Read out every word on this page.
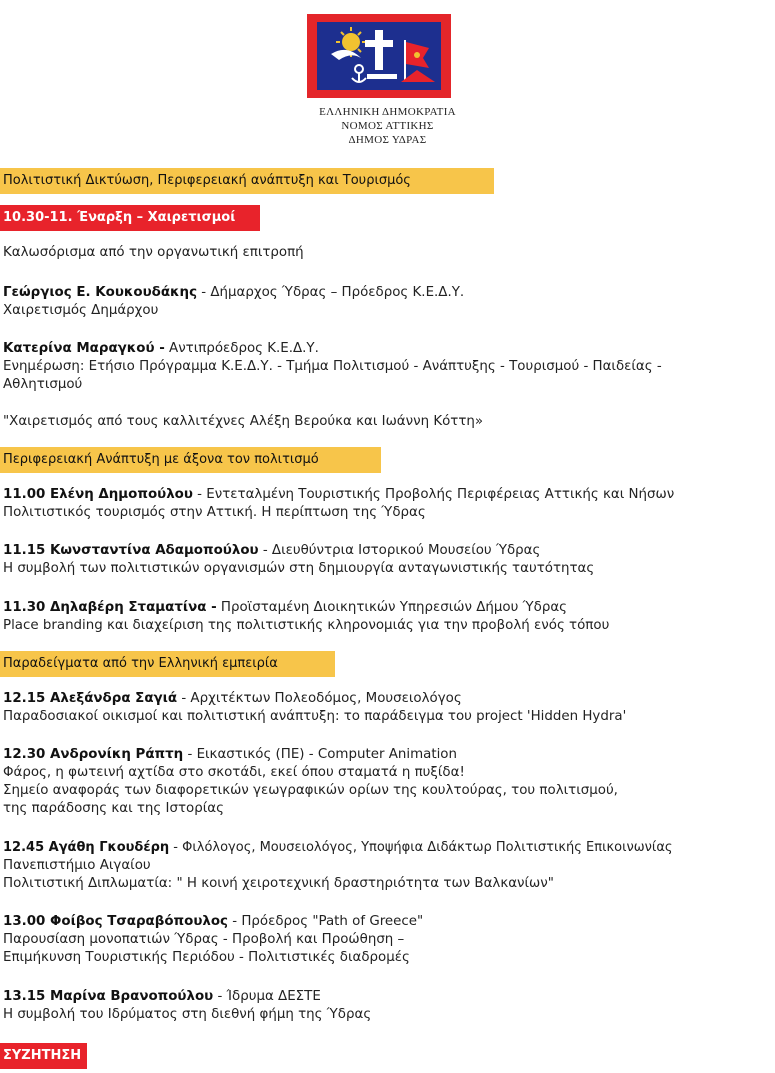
ΕΛΛΗΝΙΚΗ ΔΗΜΟΚΡΑΤΙΑ
ΝΟΜΟΣ ΑΤΤΙΚΗΣ
ΔΗΜΟΣ ΥΔΡΑΣ
Πολιτιστική Δικτύωση, Περιφερειακή ανάπτυξη και Τουρισμός
10.30-11. Έναρξη – Χαιρετισμοί
Καλωσόρισμα από την οργανωτική επιτροπή
Γεώργιος Ε. Κουκουδάκης - Δήμαρχος Ύδρας – Πρόεδρος Κ.Ε.Δ.Υ.
Χαιρετισμός Δημάρχου
Κατερίνα Μαραγκού - Αντιπρόεδρος Κ.Ε.Δ.Υ.
Ενημέρωση: Ετήσιο Πρόγραμμα Κ.Ε.Δ.Υ. - Τμήμα Πολιτισμού - Ανάπτυξης - Τουρισμού - Παιδείας -
Αθλητισμού
"Χαιρετισμός από τους καλλιτέχνες Αλέξη Βερούκα και Ιωάννη Κόττη»
Περιφερειακή Ανάπτυξη με άξονα τον πολιτισμό
11.00 Ελένη Δημοπούλου - Εντεταλμένη Τουριστικής Προβολής Περιφέρειας Αττικής και Νήσων
Πολιτιστικός τουρισμός στην Αττική. Η περίπτωση της Ύδρας
11.15 Κωνσταντίνα Αδαμοπούλου - Διευθύντρια Ιστορικού Μουσείου Ύδρας
Η συμβολή των πολιτιστικών οργανισμών στη δημιουργία ανταγωνιστικής ταυτότητας
11.30 Δηλαβέρη Σταματίνα - Προϊσταμένη Διοικητικών Υπηρεσιών Δήμου Ύδρας
Place branding και διαχείριση της πολιτιστικής κληρονομιάς για την προβολή ενός τόπου
Παραδείγματα από την Ελληνική εμπειρία
12.15 Αλεξάνδρα Σαγιά - Αρχιτέκτων Πολεοδόμος, Μουσειολόγος
Παραδοσιακοί οικισμοί και πολιτιστική ανάπτυξη: το παράδειγμα του project 'Hidden Hydra'
12.30 Ανδρονίκη Ράπτη - Εικαστικός (ΠΕ) - Computer Animation
Φάρος, η φωτεινή αχτίδα στο σκοτάδι, εκεί όπου σταματά η πυξίδα!
Σημείο αναφοράς των διαφορετικών γεωγραφικών ορίων της κουλτούρας, του πολιτισμού,
της παράδοσης και της Ιστορίας
12.45 Αγάθη Γκουδέρη - Φιλόλογος, Μουσειολόγος, Υποψήφια Διδάκτωρ Πολιτιστικής Επικοινωνίας
Πανεπιστήμιο Αιγαίου
Πολιτιστική Διπλωματία: " Η κοινή χειροτεχνική δραστηριότητα των Βαλκανίων"
13.00 Φοίβος Τσαραβόπουλος - Πρόεδρος "Path of Greece"
Παρουσίαση μονοπατιών Ύδρας - Προβολή και Προώθηση –
Επιμήκυνση Τουριστικής Περιόδου - Πολιτιστικές διαδρομές
13.15 Μαρίνα Βρανοπούλου - Ίδρυμα ΔΕΣΤΕ
Η συμβολή του Ιδρύματος στη διεθνή φήμη της Ύδρας
ΣΥΖΗΤΗΣΗ
